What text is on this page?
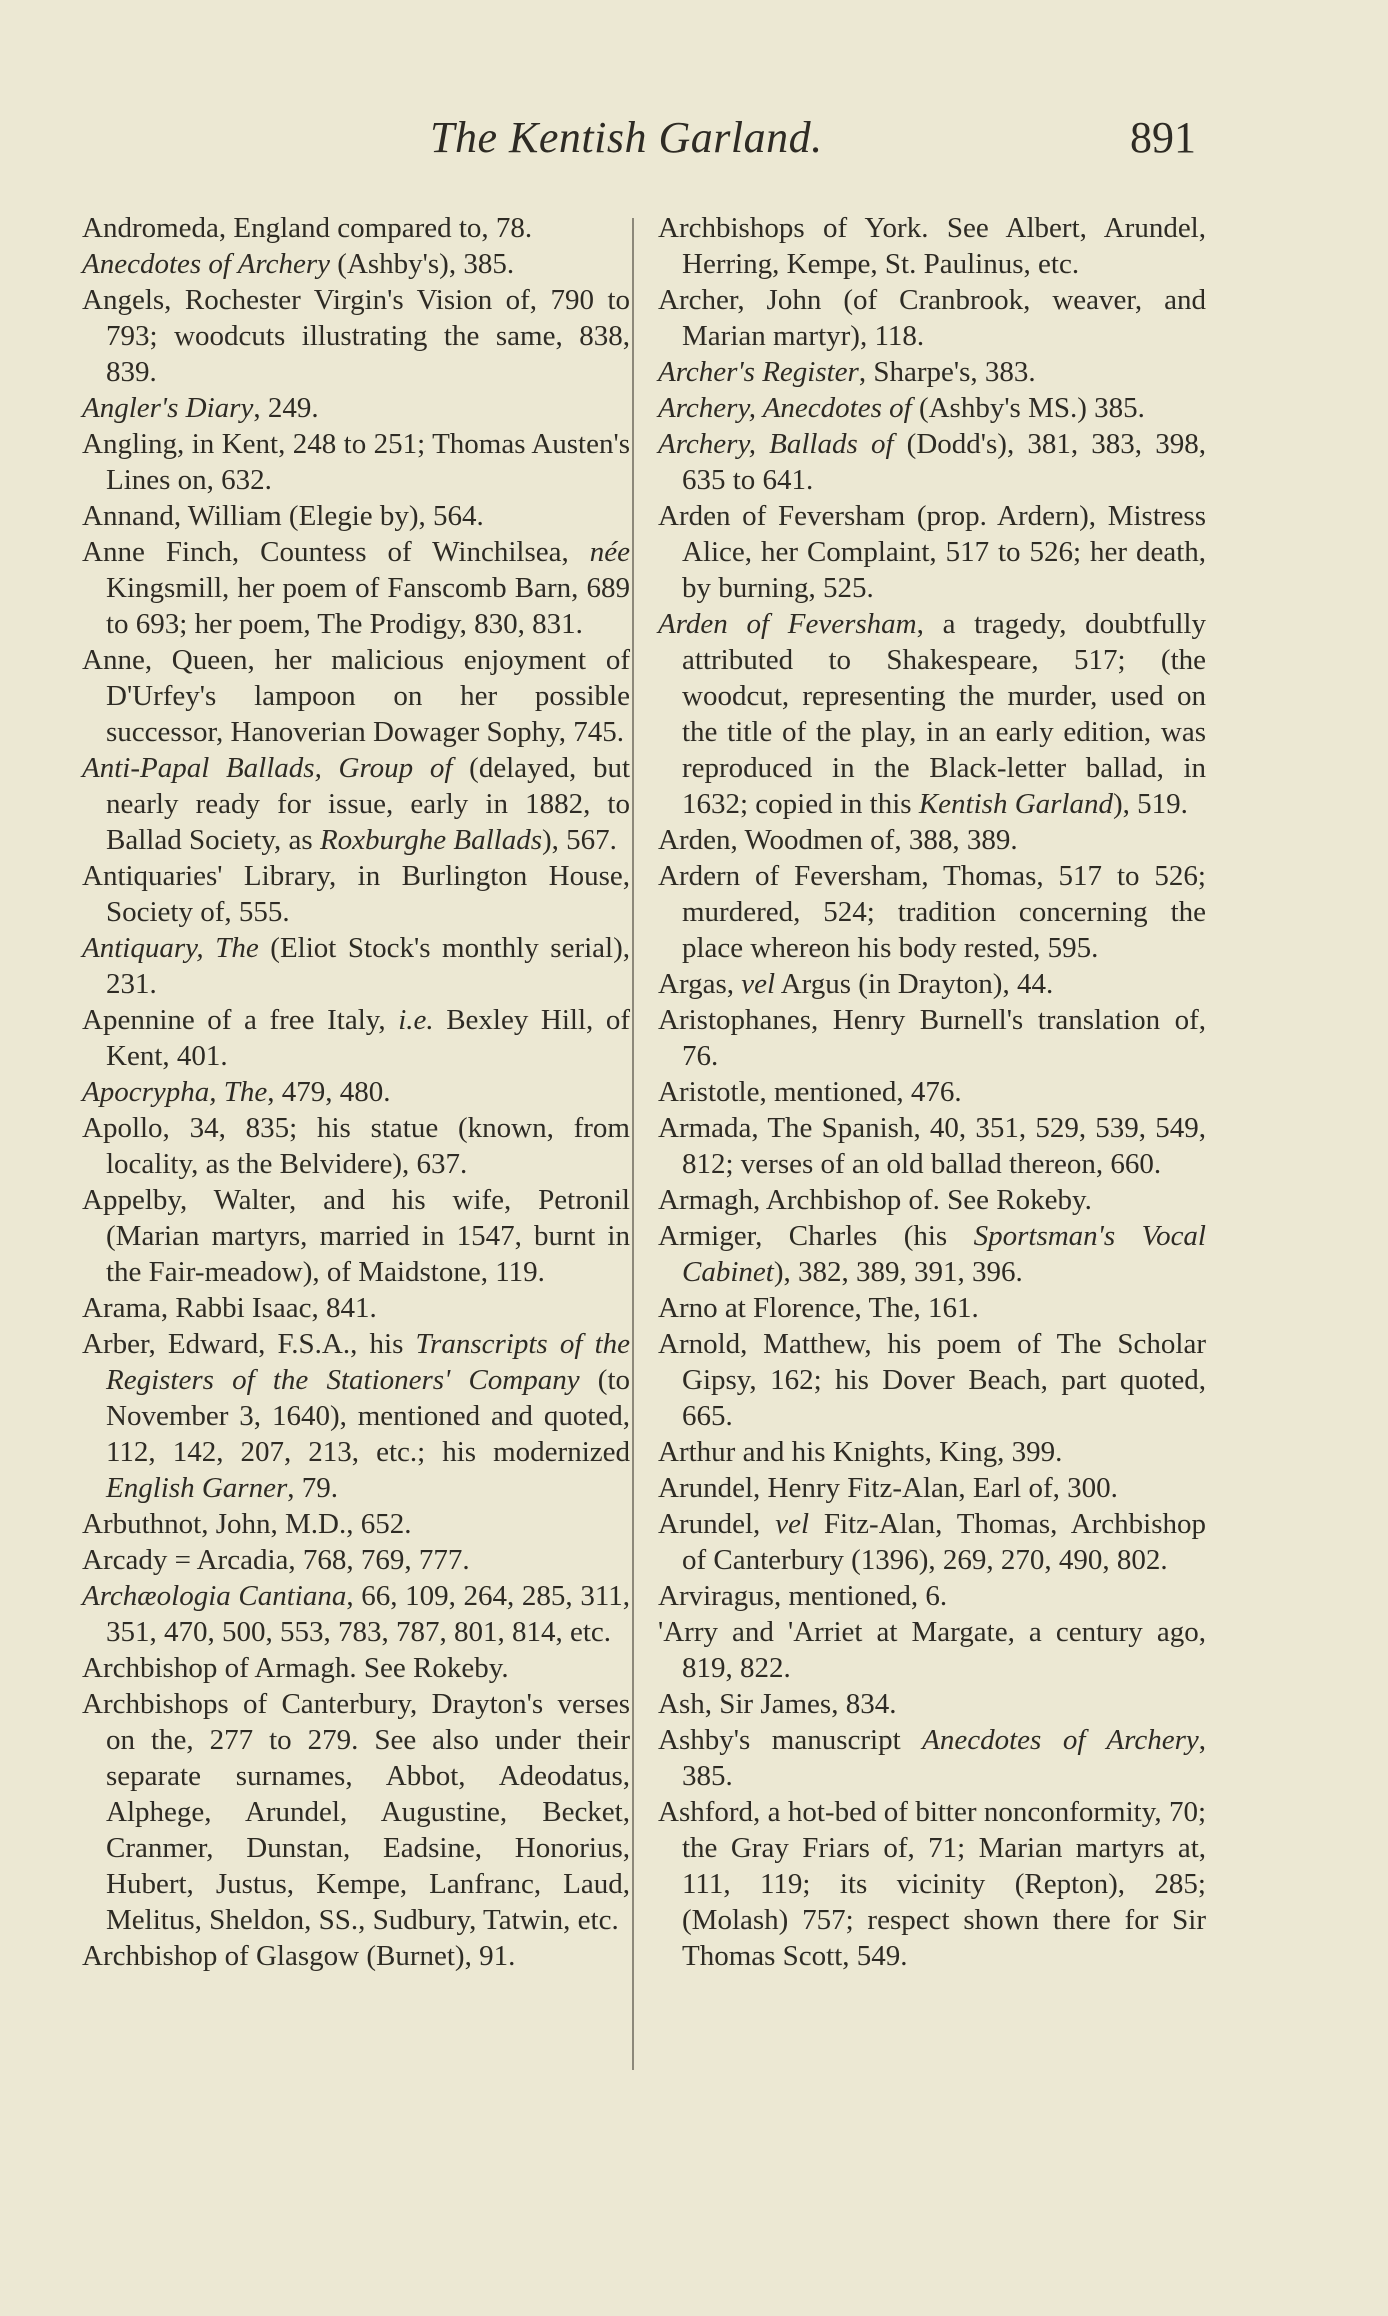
The Kentish Garland.	891

Andromeda, England compared to, 78.

Anecdotes of Archery (Ashby's), 385.

Angels, Rochester Virgin's Vision of, 790 to 793; woodcuts illustrating the same, 838, 839.

Angler's Diary, 249.

Angling, in Kent, 248 to 251; Thomas Austen's Lines on, 632.

Annand, William (Elegie by), 564.

Anne Finch, Countess of Winchilsea, née Kingsmill, her poem of Fanscomb Barn, 689 to 693; her poem, The Prodigy, 830, 831.

Anne, Queen, her malicious enjoyment of D'Urfey's lampoon on her possible successor, Hanoverian Dowager Sophy, 745.

Anti-Papal Ballads, Group of (delayed, but nearly ready for issue, early in 1882, to Ballad Society, as Roxburghe Ballads), 567.

Antiquaries' Library, in Burlington House, Society of, 555.

Antiquary, The (Eliot Stock's monthly serial), 231.

Apennine of a free Italy, i.e. Bexley Hill, of Kent, 401.

Apocrypha, The, 479, 480.

Apollo, 34, 835; his statue (known, from locality, as the Belvidere), 637.

Appelby, Walter, and his wife, Petronil (Marian martyrs, married in 1547, burnt in the Fair-meadow), of Maidstone, 119.

Arama, Rabbi Isaac, 841.

Arber, Edward, F.S.A., his Transcripts of the Registers of the Stationers' Company (to November 3, 1640), mentioned and quoted, 112, 142, 207, 213, etc.; his modernized English Garner, 79.

Arbuthnot, John, M.D., 652.

Arcady = Arcadia, 768, 769, 777.

Archæologia Cantiana, 66, 109, 264, 285, 311, 351, 470, 500, 553, 783, 787, 801, 814, etc.

Archbishop of Armagh. See Rokeby.

Archbishops of Canterbury, Drayton's verses on the, 277 to 279. See also under their separate surnames, Abbot, Adeodatus, Alphege, Arundel, Augustine, Becket, Cranmer, Dunstan, Eadsine, Honorius, Hubert, Justus, Kempe, Lanfranc, Laud, Melitus, Sheldon, SS., Sudbury, Tatwin, etc.

Archbishop of Glasgow (Burnet), 91.

Archbishops of York. See Albert, Arundel, Herring, Kempe, St. Paulinus, etc.

Archer, John (of Cranbrook, weaver, and Marian martyr), 118.

Archer's Register, Sharpe's, 383.

Archery, Anecdotes of (Ashby's MS.) 385.

Archery, Ballads of (Dodd's), 381, 383, 398, 635 to 641.

Arden of Feversham (prop. Ardern), Mistress Alice, her Complaint, 517 to 526; her death, by burning, 525.

Arden of Feversham, a tragedy, doubtfully attributed to Shakespeare, 517; (the woodcut, representing the murder, used on the title of the play, in an early edition, was reproduced in the Black-letter ballad, in 1632; copied in this Kentish Garland), 519.

Arden, Woodmen of, 388, 389.

Ardern of Feversham, Thomas, 517 to 526; murdered, 524; tradition concerning the place whereon his body rested, 595.

Argas, vel Argus (in Drayton), 44.

Aristophanes, Henry Burnell's translation of, 76.

Aristotle, mentioned, 476.

Armada, The Spanish, 40, 351, 529, 539, 549, 812; verses of an old ballad thereon, 660.

Armagh, Archbishop of. See Rokeby.

Armiger, Charles (his Sportsman's Vocal Cabinet), 382, 389, 391, 396.

Arno at Florence, The, 161.

Arnold, Matthew, his poem of The Scholar Gipsy, 162; his Dover Beach, part quoted, 665.

Arthur and his Knights, King, 399.

Arundel, Henry Fitz-Alan, Earl of, 300.

Arundel, vel Fitz-Alan, Thomas, Archbishop of Canterbury (1396), 269, 270, 490, 802.

Arviragus, mentioned, 6.

'Arry and 'Arriet at Margate, a century ago, 819, 822.

Ash, Sir James, 834.

Ashby's manuscript Anecdotes of Archery, 385.

Ashford, a hot-bed of bitter nonconformity, 70; the Gray Friars of, 71; Marian martyrs at, 111, 119; its vicinity (Repton), 285; (Molash) 757; respect shown there for Sir Thomas Scott, 549.
